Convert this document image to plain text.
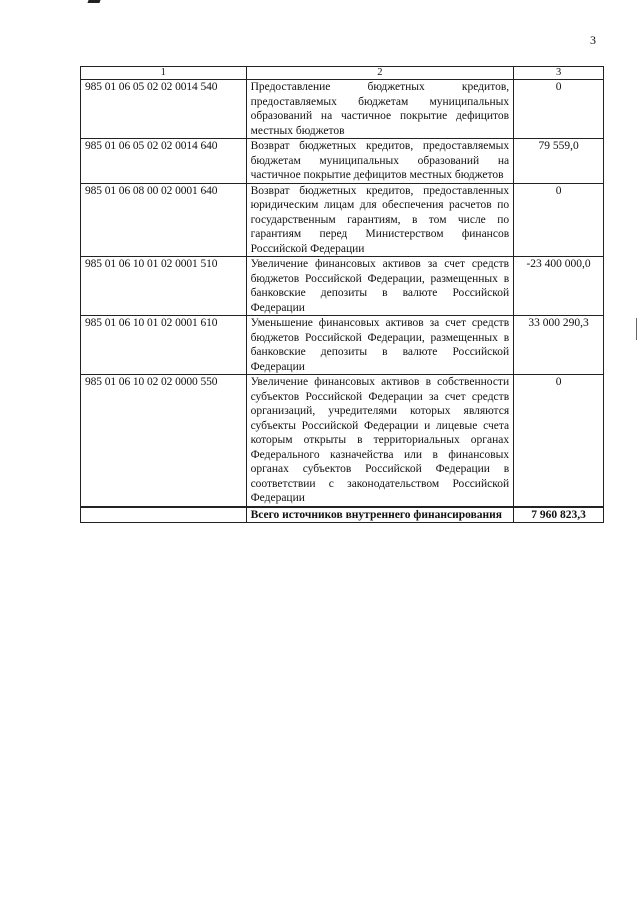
3
1	2	3
985 01 06 05 02 02 0014 540	Предоставление бюджетных кредитов, предоставляемых бюджетам муниципальных образований на частичное покрытие дефицитов местных бюджетов	0
985 01 06 05 02 02 0014 640	Возврат бюджетных кредитов, предоставляемых бюджетам муниципальных образований на частичное покрытие дефицитов местных бюджетов	79 559,0
985 01 06 08 00 02 0001 640	Возврат бюджетных кредитов, предоставленных юридическим лицам для обеспечения расчетов по государственным гарантиям, в том числе по гарантиям перед Министерством финансов Российской Федерации	0
985 01 06 10 01 02 0001 510	Увеличение финансовых активов за счет средств бюджетов Российской Федерации, размещенных в банковские депозиты в валюте Российской Федерации	-23 400 000,0
985 01 06 10 01 02 0001 610	Уменьшение финансовых активов за счет средств бюджетов Российской Федерации, размещенных в банковские депозиты в валюте Российской Федерации	33 000 290,3
985 01 06 10 02 02 0000 550	Увеличение финансовых активов в собственности субъектов Российской Федерации за счет средств организаций, учредителями которых являются субъекты Российской Федерации и лицевые счета которым открыты в территориальных органах Федерального казначейства или в финансовых органах субъектов Российской Федерации в соответствии с законодательством Российской Федерации	0
	Всего источников внутреннего финансирования	7 960 823,3
